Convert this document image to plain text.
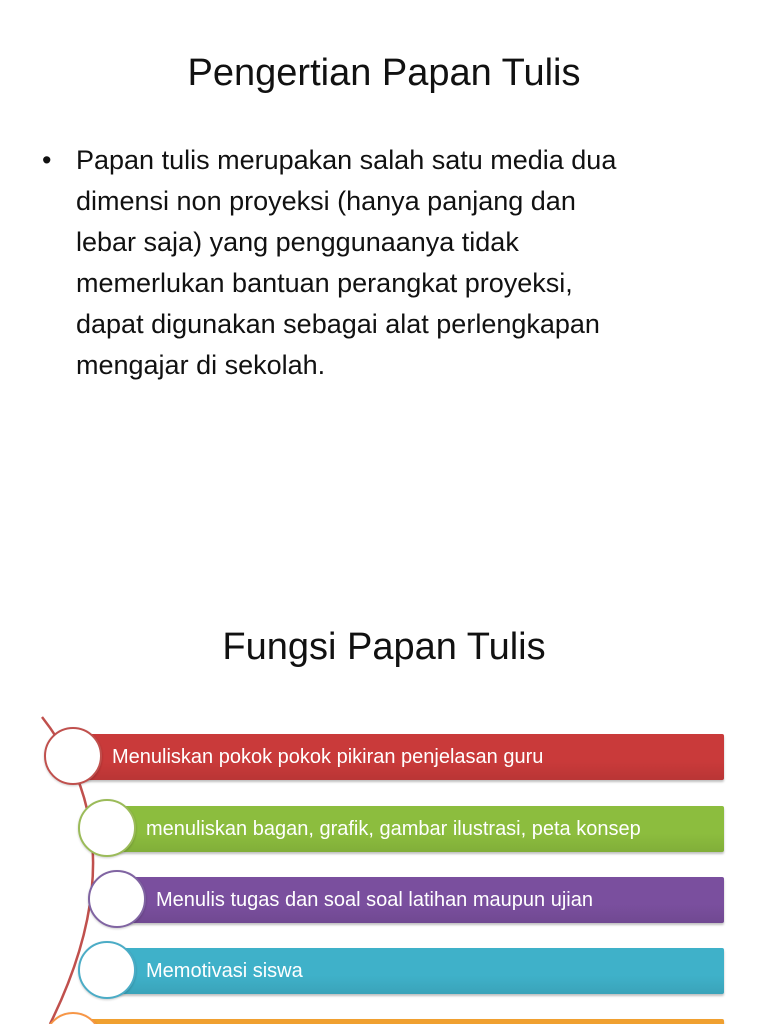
Pengertian Papan Tulis
• Papan tulis merupakan salah satu media dua
dimensi non proyeksi (hanya panjang dan
lebar saja) yang penggunaanya tidak
memerlukan bantuan perangkat proyeksi,
dapat digunakan sebagai alat perlengkapan
mengajar di sekolah.
Fungsi Papan Tulis
Menuliskan pokok pokok pikiran penjelasan guru
menuliskan bagan, grafik, gambar ilustrasi, peta konsep
Menulis tugas dan soal soal latihan maupun ujian
Memotivasi siswa
